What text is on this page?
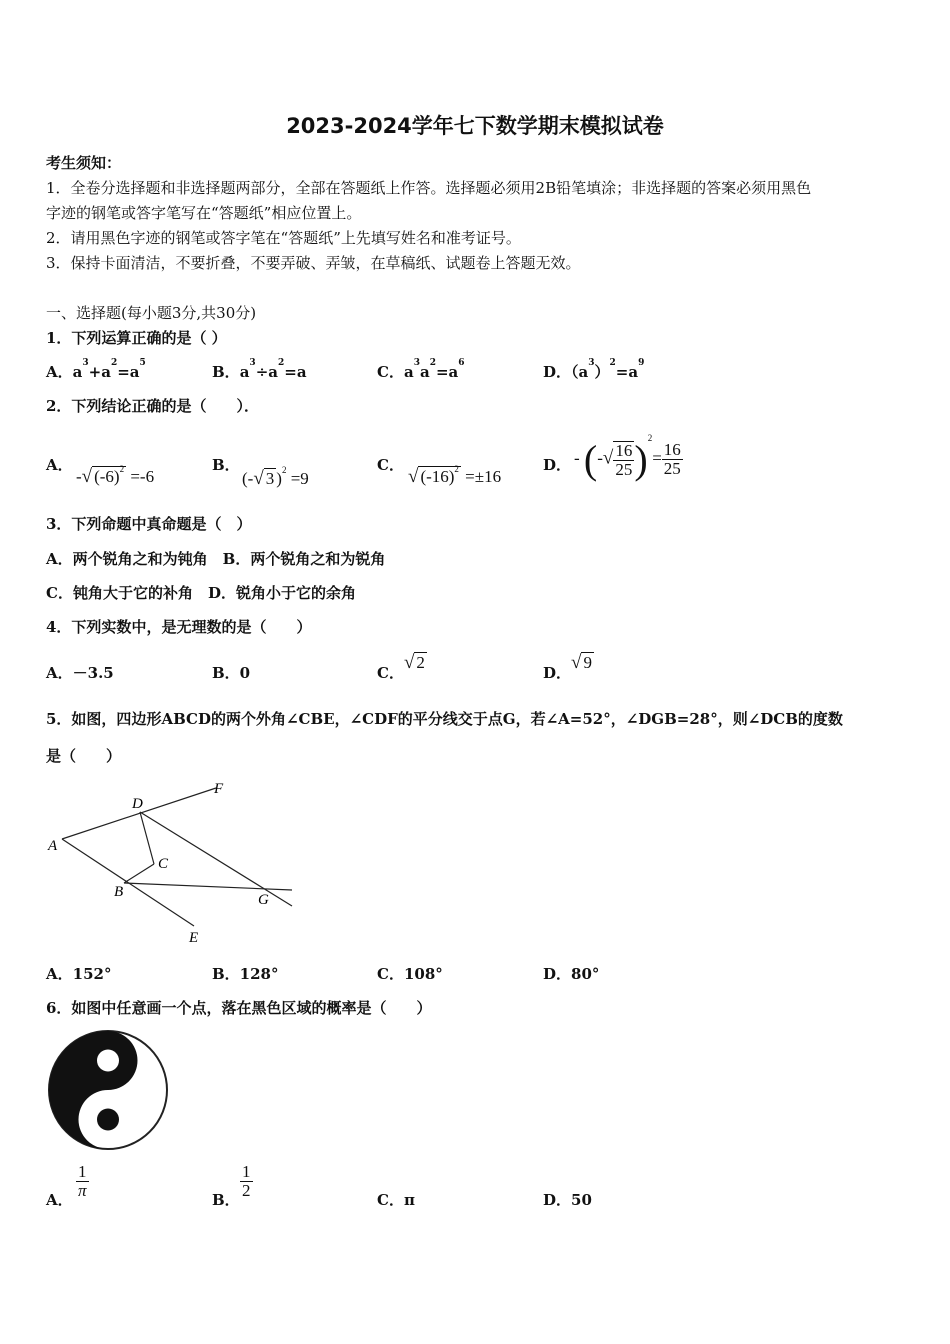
2023-2024学年七下数学期末模拟试卷
考生须知：
1．全卷分选择题和非选择题两部分，全部在答题纸上作答。选择题必须用2B铅笔填涂；非选择题的答案必须用黑色
字迹的钢笔或答字笔写在“答题纸”相应位置上。
2．请用黑色字迹的钢笔或答字笔在“答题纸”上先填写姓名和准考证号。
3．保持卡面清洁，不要折叠，不要弄破、弄皱，在草稿纸、试题卷上答题无效。
一、选择题(每小题3分,共30分)
1．下列运算正确的是（ ）
A．$a^3+a^2=a^5$	B．$a^3\div a^2=a$	C．$a^3a^2=a^6$	D．$(a^3)^2=a^9$
2．下列结论正确的是（　　）．
A．
-√ $(-6)^2 =-6$
B．
(-√ 3 )$^2$ =9
C．
√ $(-16)^2 =\pm 16$
D． - (-√ $\frac{16}{25} )^2= \frac{16}{25}$
3．下列命题中真命题是（　）
A．两个锐角之和为钝角　B．两个锐角之和为锐角
C．钝角大于它的补角　D．锐角小于它的余角
4．下列实数中，是无理数的是（　　）
A．－3.5	B．0	C．√ 2
D．√ 9
5．如图，四边形ABCD的两个外角∠CBE，∠CDF的平分线交于点G，若∠A=52°，∠DGB=28°，则∠DCB的度数
是（　　）
A
D
C
B	G
E
F
A．152°	B．128°	C．108°	D．80°
6．如图中任意画一个点，落在黑色区域的概率是（　　）
A．
$\frac{1}{\pi}$
B．
$\frac{1}{2}$
C．π	D．50
